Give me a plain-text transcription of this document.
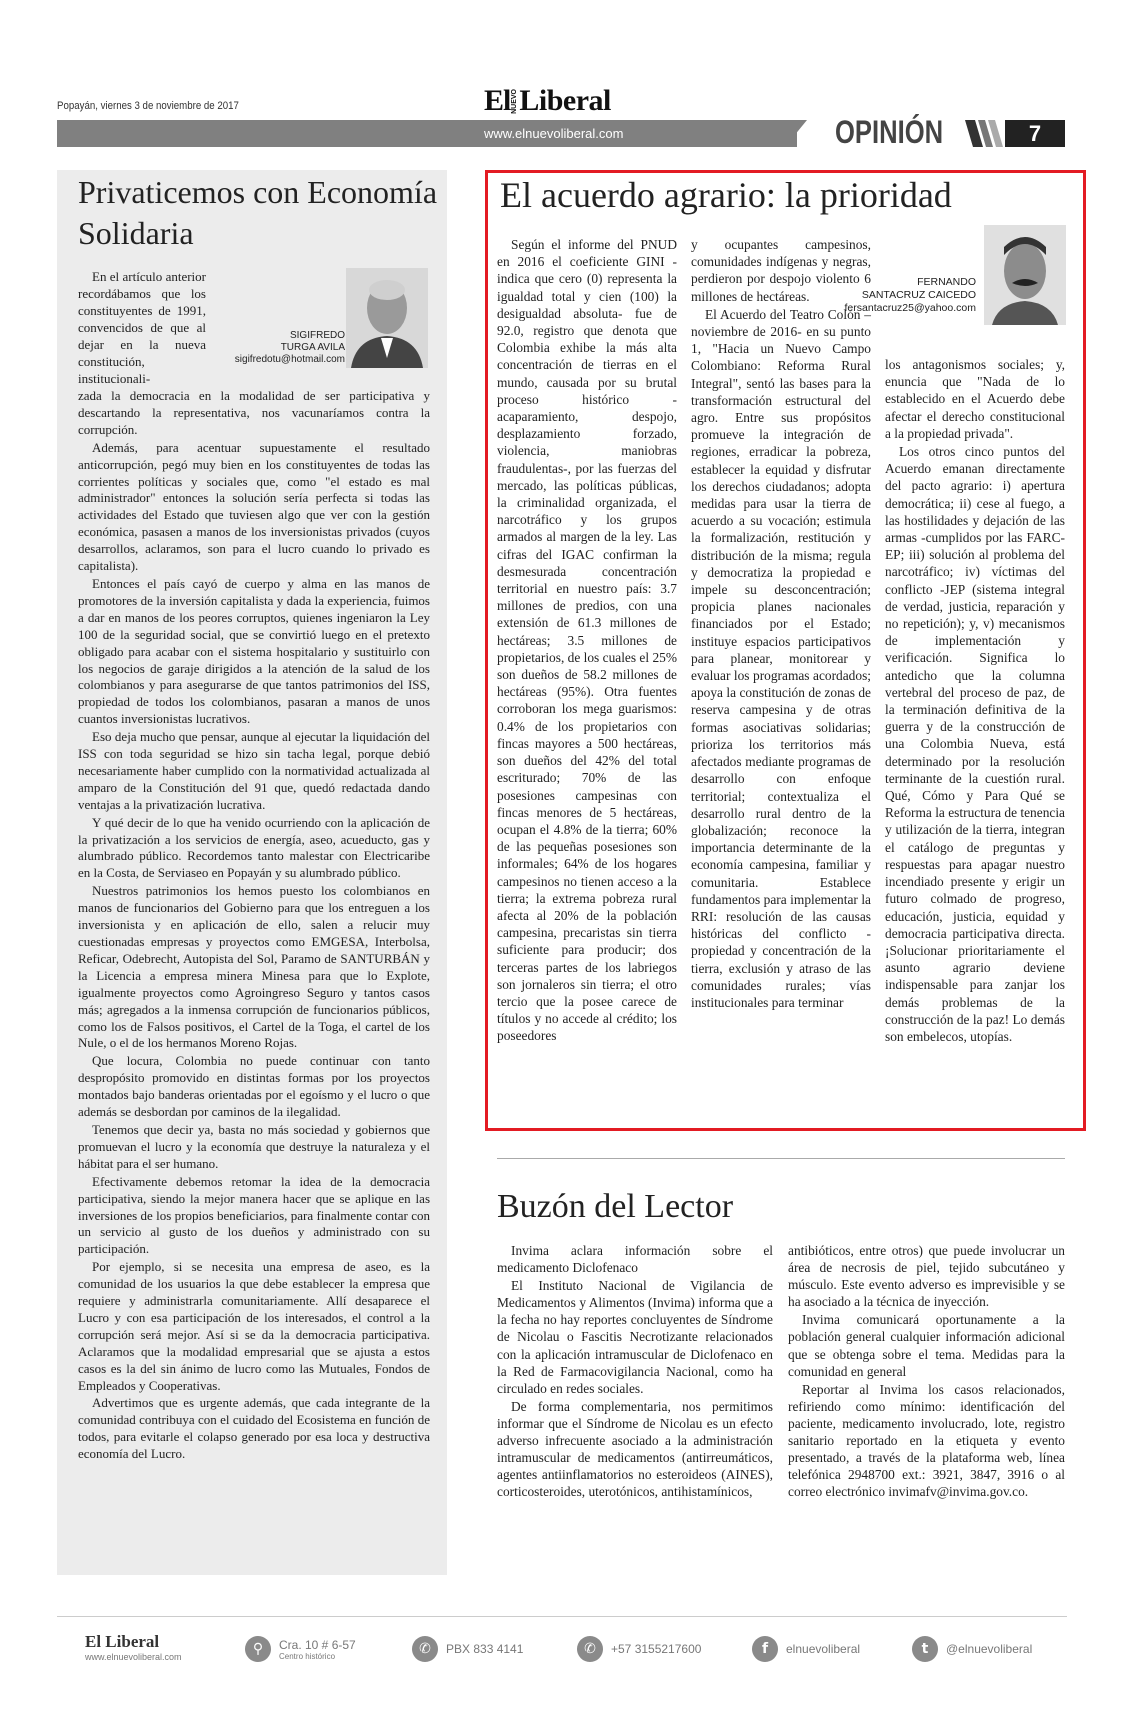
Popayán, viernes 3 de noviembre de 2017	El NUEVO Liberal
www.elnuevoliberal.com	OPINIÓN	7
Privaticemos con Economía Solidaria
En el artículo anterior recordábamos que los constituyentes de 1991, convencidos de que al dejar en la nueva constitución, institucionali-
SIGIFREDO
TURGA AVILA
sigifredotu@hotmail.com
zada la democracia en la modalidad de ser participativa y descartando la representativa, nos vacunaríamos contra la corrupción.
Además, para acentuar supuestamente el resultado anticorrupción, pegó muy bien en los constituyentes de todas las corrientes políticas y sociales que, como "el estado es mal administrador" entonces la solución sería perfecta si todas las actividades del Estado que tuviesen algo que ver con la gestión económica, pasasen a manos de los inversionistas privados (cuyos desarrollos, aclaramos, son para el lucro cuando lo privado es capitalista).
Entonces el país cayó de cuerpo y alma en las manos de promotores de la inversión capitalista y dada la experiencia, fuimos a dar en manos de los peores corruptos, quienes ingeniaron la Ley 100 de la seguridad social, que se convirtió luego en el pretexto obligado para acabar con el sistema hospitalario y sustituirlo con los negocios de garaje dirigidos a la atención de la salud de los colombianos y para asegurarse de que tantos patrimonios del ISS, propiedad de todos los colombianos, pasaran a manos de unos cuantos inversionistas lucrativos.
Eso deja mucho que pensar, aunque al ejecutar la liquidación del ISS con toda seguridad se hizo sin tacha legal, porque debió necesariamente haber cumplido con la normatividad actualizada al amparo de la Constitución del 91 que, quedó redactada dando ventajas a la privatización lucrativa.
Y qué decir de lo que ha venido ocurriendo con la aplicación de la privatización a los servicios de energía, aseo, acueducto, gas y alumbrado público. Recordemos tanto malestar con Electricaribe en la Costa, de Serviaseo en Popayán y su alumbrado público.
Nuestros patrimonios los hemos puesto los colombianos en manos de funcionarios del Gobierno para que los entreguen a los inversionista y en aplicación de ello, salen a relucir muy cuestionadas empresas y proyectos como EMGESA, Interbolsa, Reficar, Odebrecht, Autopista del Sol, Paramo de SANTURBÁN y la Licencia a empresa minera Minesa para que lo Explote, igualmente proyectos como Agroingreso Seguro y tantos casos más; agregados a la inmensa corrupción de funcionarios públicos, como los de Falsos positivos, el Cartel de la Toga, el cartel de los Nule, o el de los hermanos Moreno Rojas.
Que locura, Colombia no puede continuar con tanto despropósito promovido en distintas formas por los proyectos montados bajo banderas orientadas por el egoísmo y el lucro o que además se desbordan por caminos de la ilegalidad.
Tenemos que decir ya, basta no más sociedad y gobiernos que promuevan el lucro y la economía que destruye la naturaleza y el hábitat para el ser humano.
Efectivamente debemos retomar la idea de la democracia participativa, siendo la mejor manera hacer que se aplique en las inversiones de los propios beneficiarios, para finalmente contar con un servicio al gusto de los dueños y administrado con su participación.
Por ejemplo, si se necesita una empresa de aseo, es la comunidad de los usuarios la que debe establecer la empresa que requiere y administrarla comunitariamente. Allí desaparece el Lucro y con esa participación de los interesados, el control a la corrupción será mejor. Así si se da la democracia participativa. Aclaramos que la modalidad empresarial que se ajusta a estos casos es la del sin ánimo de lucro como las Mutuales, Fondos de Empleados y Cooperativas.
Advertimos que es urgente además, que cada integrante de la comunidad contribuya con el cuidado del Ecosistema en función de todos, para evitarle el colapso generado por esa loca y destructiva economía del Lucro.
El acuerdo agrario: la prioridad
Según el informe del PNUD en 2016 el coeficiente GINI -indica que cero (0) representa la igualdad total y cien (100) la desigualdad absoluta- fue de 92.0, registro que denota que Colombia exhibe la más alta concentración de tierras en el mundo, causada por su brutal proceso histórico -acaparamiento, despojo, desplazamiento forzado, violencia, maniobras fraudulentas-, por las fuerzas del mercado, las políticas públicas, la criminalidad organizada, el narcotráfico y los grupos armados al margen de la ley. Las cifras del IGAC confirman la desmesurada concentración territorial en nuestro país: 3.7 millones de predios, con una extensión de 61.3 millones de hectáreas; 3.5 millones de propietarios, de los cuales el 25% son dueños de 58.2 millones de hectáreas (95%). Otra fuentes corroboran los mega guarismos: 0.4% de los propietarios con fincas mayores a 500 hectáreas, son dueños del 42% del total escriturado; 70% de las posesiones campesinas con fincas menores de 5 hectáreas, ocupan el 4.8% de la tierra; 60% de las pequeñas posesiones son informales; 64% de los hogares campesinos no tienen acceso a la tierra; la extrema pobreza rural afecta al 20% de la población campesina, precaristas sin tierra suficiente para producir; dos terceras partes de los labriegos son jornaleros sin tierra; el otro tercio que la posee carece de títulos y no accede al crédito; los poseedores
y ocupantes campesinos, comunidades indígenas y negras, perdieron por despojo violento 6 millones de hectáreas.
El Acuerdo del Teatro Colón –noviembre de 2016- en su punto 1, "Hacia un Nuevo Campo Colombiano: Reforma Rural Integral", sentó las bases para la transformación estructural del agro. Entre sus propósitos promueve la integración de regiones, erradicar la pobreza, establecer la equidad y disfrutar los derechos ciudadanos; adopta medidas para usar la tierra de acuerdo a su vocación; estimula la formalización, restitución y distribución de la misma; regula y democratiza la propiedad e impele su desconcentración; propicia planes nacionales financiados por el Estado; instituye espacios participativos para planear, monitorear y evaluar los programas acordados; apoya la constitución de zonas de reserva campesina y de otras formas asociativas solidarias; prioriza los territorios más afectados mediante programas de desarrollo con enfoque territorial; contextualiza el desarrollo rural dentro de la globalización; reconoce la importancia determinante de la economía campesina, familiar y comunitaria. Establece fundamentos para implementar la RRI: resolución de las causas históricas del conflicto -propiedad y concentración de la tierra, exclusión y atraso de las comunidades rurales; vías institucionales para terminar
FERNANDO
SANTACRUZ CAICEDO
fersantacruz25@yahoo.com
los antagonismos sociales; y, enuncia que "Nada de lo establecido en el Acuerdo debe afectar el derecho constitucional a la propiedad privada".
Los otros cinco puntos del Acuerdo emanan directamente del pacto agrario: i) apertura democrática; ii) cese al fuego, a las hostilidades y dejación de las armas -cumplidos por las FARC-EP; iii) solución al problema del narcotráfico; iv) víctimas del conflicto -JEP (sistema integral de verdad, justicia, reparación y no repetición); y, v) mecanismos de implementación y verificación. Significa lo antedicho que la columna vertebral del proceso de paz, de la terminación definitiva de la guerra y de la construcción de una Colombia Nueva, está determinado por la resolución terminante de la cuestión rural. Qué, Cómo y Para Qué se Reforma la estructura de tenencia y utilización de la tierra, integran el catálogo de preguntas y respuestas para apagar nuestro incendiado presente y erigir un futuro colmado de progreso, educación, justicia, equidad y democracia participativa directa. ¡Solucionar prioritariamente el asunto agrario deviene indispensable para zanjar los demás problemas de la construcción de la paz! Lo demás son embelecos, utopías.
Buzón del Lector
Invima aclara información sobre el medicamento Diclofenaco
El Instituto Nacional de Vigilancia de Medicamentos y Alimentos (Invima) informa que a la fecha no hay reportes concluyentes de Síndrome de Nicolau o Fascitis Necrotizante relacionados con la aplicación intramuscular de Diclofenaco en la Red de Farmacovigilancia Nacional, como ha circulado en redes sociales.
De forma complementaria, nos permitimos informar que el Síndrome de Nicolau es un efecto adverso infrecuente asociado a la administración intramuscular de medicamentos (antirreumáticos, agentes antiinflamatorios no esteroideos (AINES), corticosteroides, uterotónicos, antihistamínicos,
antibióticos, entre otros) que puede involucrar un área de necrosis de piel, tejido subcutáneo y músculo. Este evento adverso es imprevisible y se ha asociado a la técnica de inyección.
Invima comunicará oportunamente a la población general cualquier información adicional que se obtenga sobre el tema. Medidas para la comunidad en general
Reportar al Invima los casos relacionados, refiriendo como mínimo: identificación del paciente, medicamento involucrado, lote, registro sanitario reportado en la etiqueta y evento presentado, a través de la plataforma web, línea telefónica 2948700 ext.: 3921, 3847, 3916 o al correo electrónico invimafv@invima.gov.co.
El Liberal
www.elnuevoliberal.com	⚲	Cra. 10 # 6-57
Centro histórico	✆	PBX 833 4141	✆	+57 3155217600	f	elnuevoliberal	t	@elnuevoliberal
